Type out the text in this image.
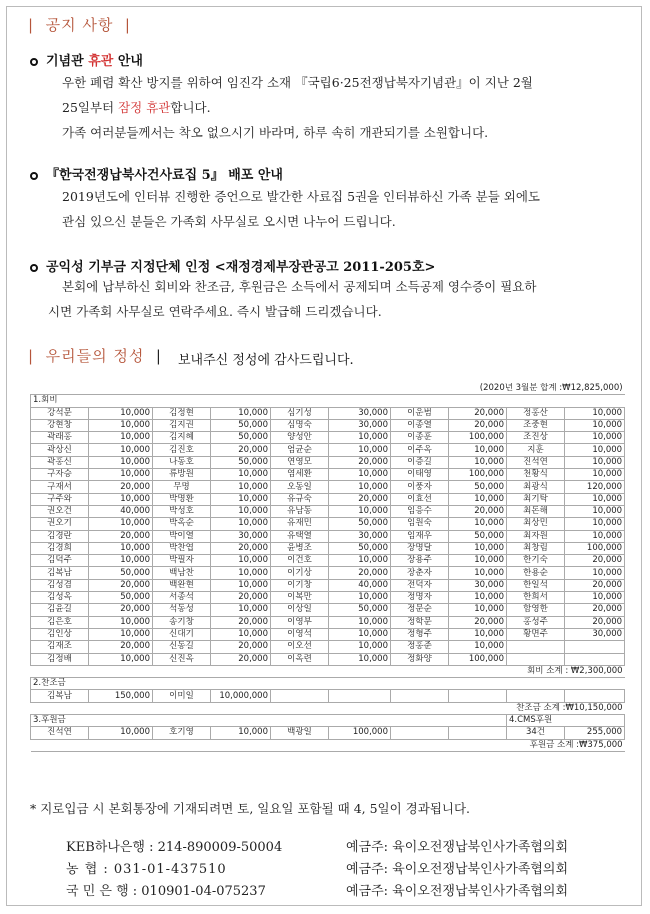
| 공지 사항 |
기념관 휴관 안내
우한 폐렴 확산 방지를 위하여 임진각 소재 『국립6·25전쟁납북자기념관』이 지난 2월
25일부터 잠정 휴관합니다.
가족 여러분들께서는 착오 없으시기 바라며, 하루 속히 개관되기를 소원합니다.
『한국전쟁납북사건사료집 5』 배포 안내
2019년도에 인터뷰 진행한 증언으로 발간한 사료집 5권을 인터뷰하신 가족 분들 외에도
관심 있으신 분들은 가족회 사무실로 오시면 나누어 드립니다.
공익성 기부금 지정단체 인정 <재정경제부장관공고 2011-205호>
본회에 납부하신 회비와 찬조금, 후원금은 소득에서 공제되며 소득공제 영수증이 필요하
시면 가족회 사무실로 연락주세요. 즉시 발급해 드리겠습니다.
| 우리들의 정성 | 보내주신 정성에 감사드립니다.
(2020년 3월분 합계 :₩12,825,000)									
1.회비									
강석문	10,000	김정현	10,000	심기성	30,000	이운범	20,000	정홍산	10,000
강현창	10,000	김지권	50,000	심명숙	30,000	이종열	20,000	조중현	10,000
곽래홍	10,000	김지혜	50,000	양성안	10,000	이종훈	100,000	조진상	10,000
곽상신	10,000	김진호	20,000	엄균순	10,000	이주옥	10,000	지훈	10,000
곽홍신	10,000	나동호	50,000	연영모	20,000	이증길	10,000	진석연	10,000
구자승	10,000	류방원	10,000	염세환	10,000	이태영	100,000	천황식	10,000
구재서	20,000	무명	10,000	오동일	10,000	이풍자	50,000	최광식	120,000
구주와	10,000	박명환	10,000	유규숙	20,000	이효선	10,000	최기탁	10,000
권오건	40,000	박성호	10,000	유남동	10,000	임응수	20,000	최돈해	10,000
권오기	10,000	박옥순	10,000	유재민	50,000	임원숙	10,000	최상민	10,000
김경란	20,000	박이열	30,000	유택열	30,000	임재우	50,000	최자원	10,000
김경희	10,000	박찬엽	20,000	윤병조	50,000	장명달	10,000	최창림	100,000
김덕주	10,000	박필자	10,000	이건호	10,000	장용주	10,000	한기숙	20,000
김복남	50,000	백남찬	10,000	이기상	20,000	장춘자	10,000	한용순	10,000
김성겸	20,000	백완현	10,000	이기창	40,000	전덕자	30,000	한일석	20,000
김성옥	50,000	서종석	20,000	이복만	10,000	정명자	10,000	한희서	10,000
김윤길	20,000	석동성	10,000	이상일	50,000	정문순	10,000	함영한	20,000
김은호	10,000	송기창	20,000	이영부	10,000	정학문	20,000	홍성주	20,000
김인상	10,000	신대기	10,000	이영석	10,000	정형주	10,000	황면주	30,000
김재조	20,000	신동길	20,000	이오선	10,000	정홍준	10,000		
김정배	10,000	신진옥	20,000	이옥련	10,000	정화양	100,000		
회비 소계 : ₩2,300,000									
2.찬조금									
김복남	150,000	이미일	10,000,000						
찬조금 소계 :₩10,150,000									
3.후원금								4.CMS후원	
진석연	10,000	호기영	10,000	백광일	100,000			34건	255,000
후원금 소계 :₩375,000									
* 지로입금 시 본회통장에 기재되려면 토, 일요일 포함될 때 4, 5일이 경과됩니다.
KEB하나은행 : 214-890009-50004	예금주: 육이오전쟁납북인사가족협의회
농 협 : 031-01-437510	예금주: 육이오전쟁납북인사가족협의회
국 민 은 행 : 010901-04-075237	예금주: 육이오전쟁납북인사가족협의회
